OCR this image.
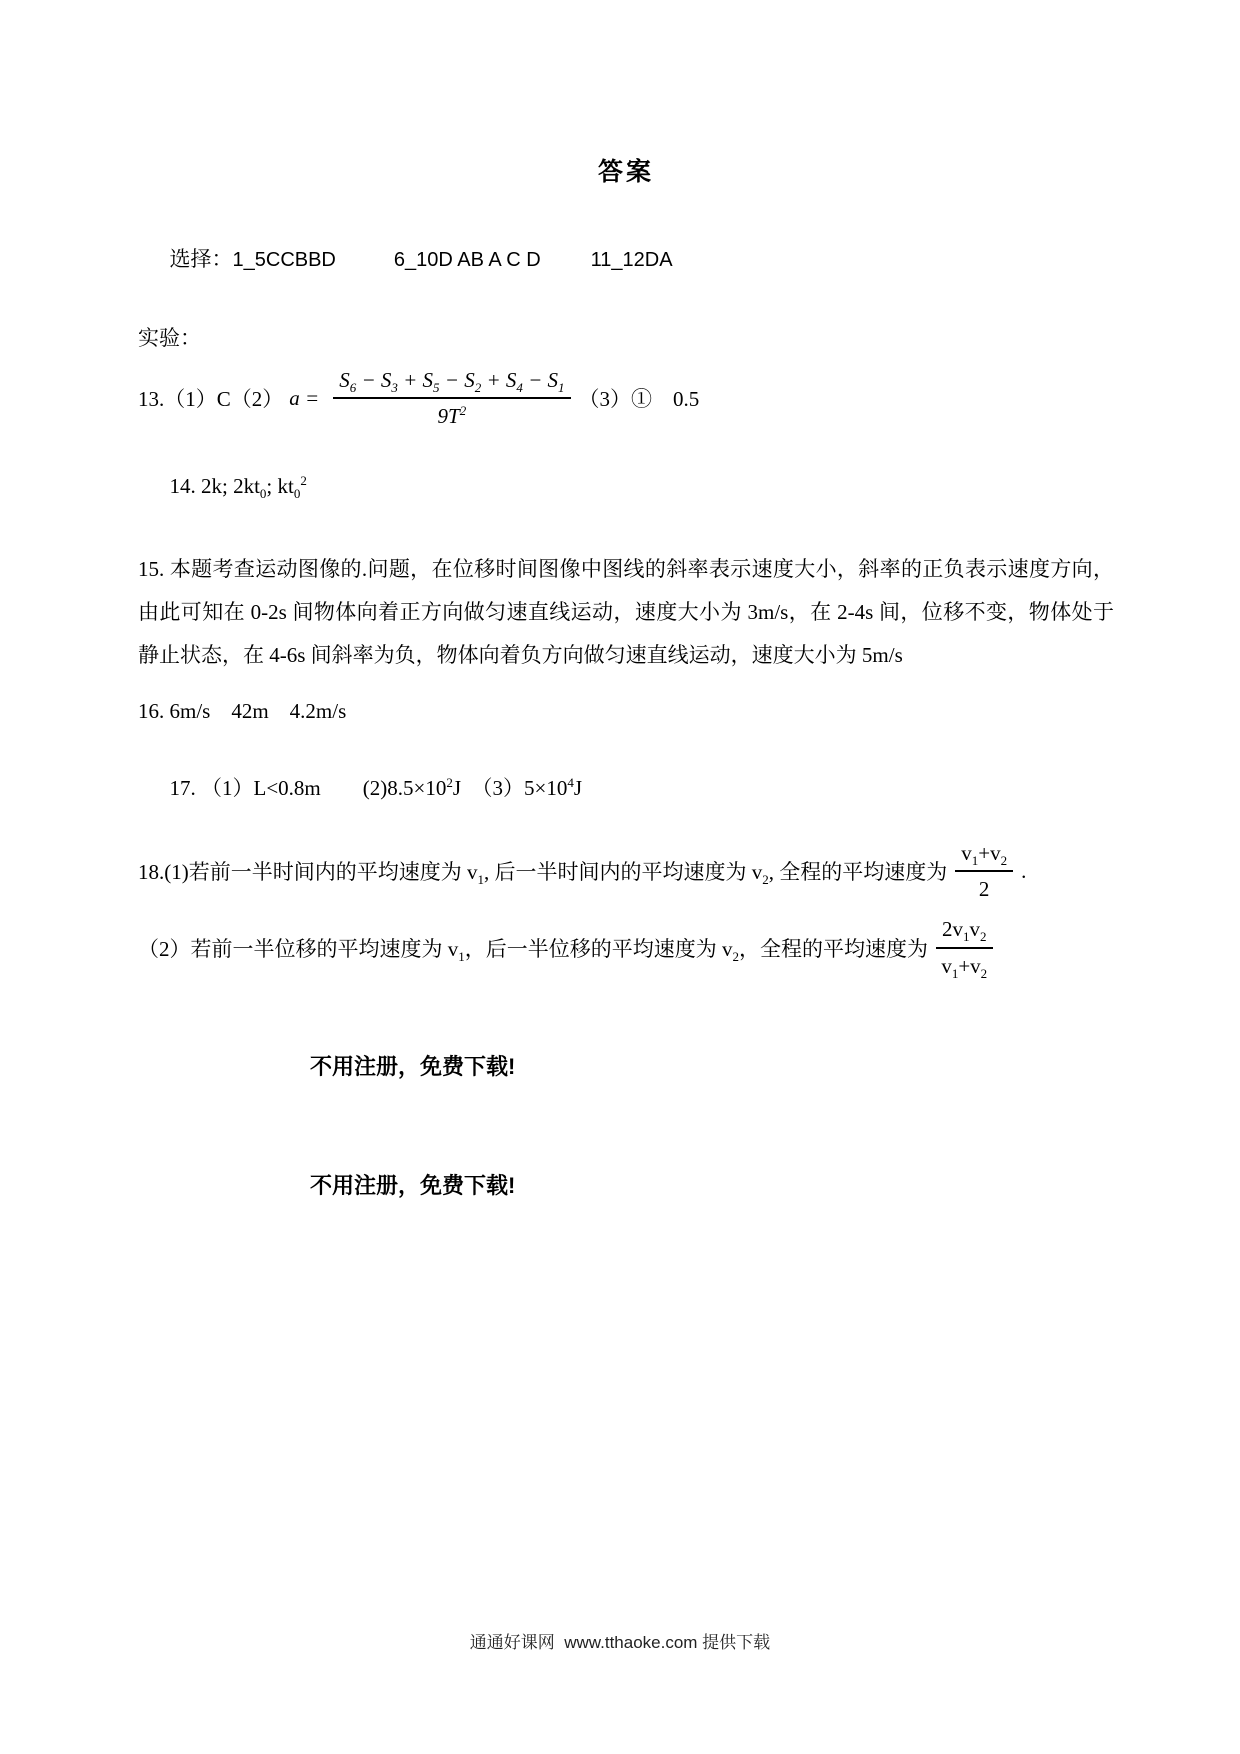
答案

选择：1_5CCBBD	6_10D AB A C D	11_12DA

实验：
13.（1）C（2） $a = \frac{S_6 - S_3 + S_5 - S_2 + S_4 - S_1}{9T^2}$ （3）①　0.5

14. 2k; $2kt_0$; $kt_0^2$

15. 本题考查运动图像的.问题，在位移时间图像中图线的斜率表示速度大小，斜率的正负表示速度方向，由此可知在 0-2s 间物体向着正方向做匀速直线运动，速度大小为 3m/s，在 2-4s 间，位移不变，物体处于静止状态，在 4-6s 间斜率为负，物体向着负方向做匀速直线运动，速度大小为 5m/s
16. 6m/s　42m　4.2m/s

17. （1）L<0.8m　　$(2)8.5\times 10^2J$　$(3)5\times 10^4J$

18.(1)若前一半时间内的平均速度为 $v_1$, 后一半时间内的平均速度为 $v_2$, 全程的平均速度为 $\frac{v_1+v_2}{2}$ .
（2）若前一半位移的平均速度为 $v_1$，后一半位移的平均速度为 $v_2$，全程的平均速度为 $\frac{2v_1v_2}{v_1+v_2}$
不用注册，免费下载!
不用注册，免费下载!
通通好课网  www.tthaoke.com 提供下载
